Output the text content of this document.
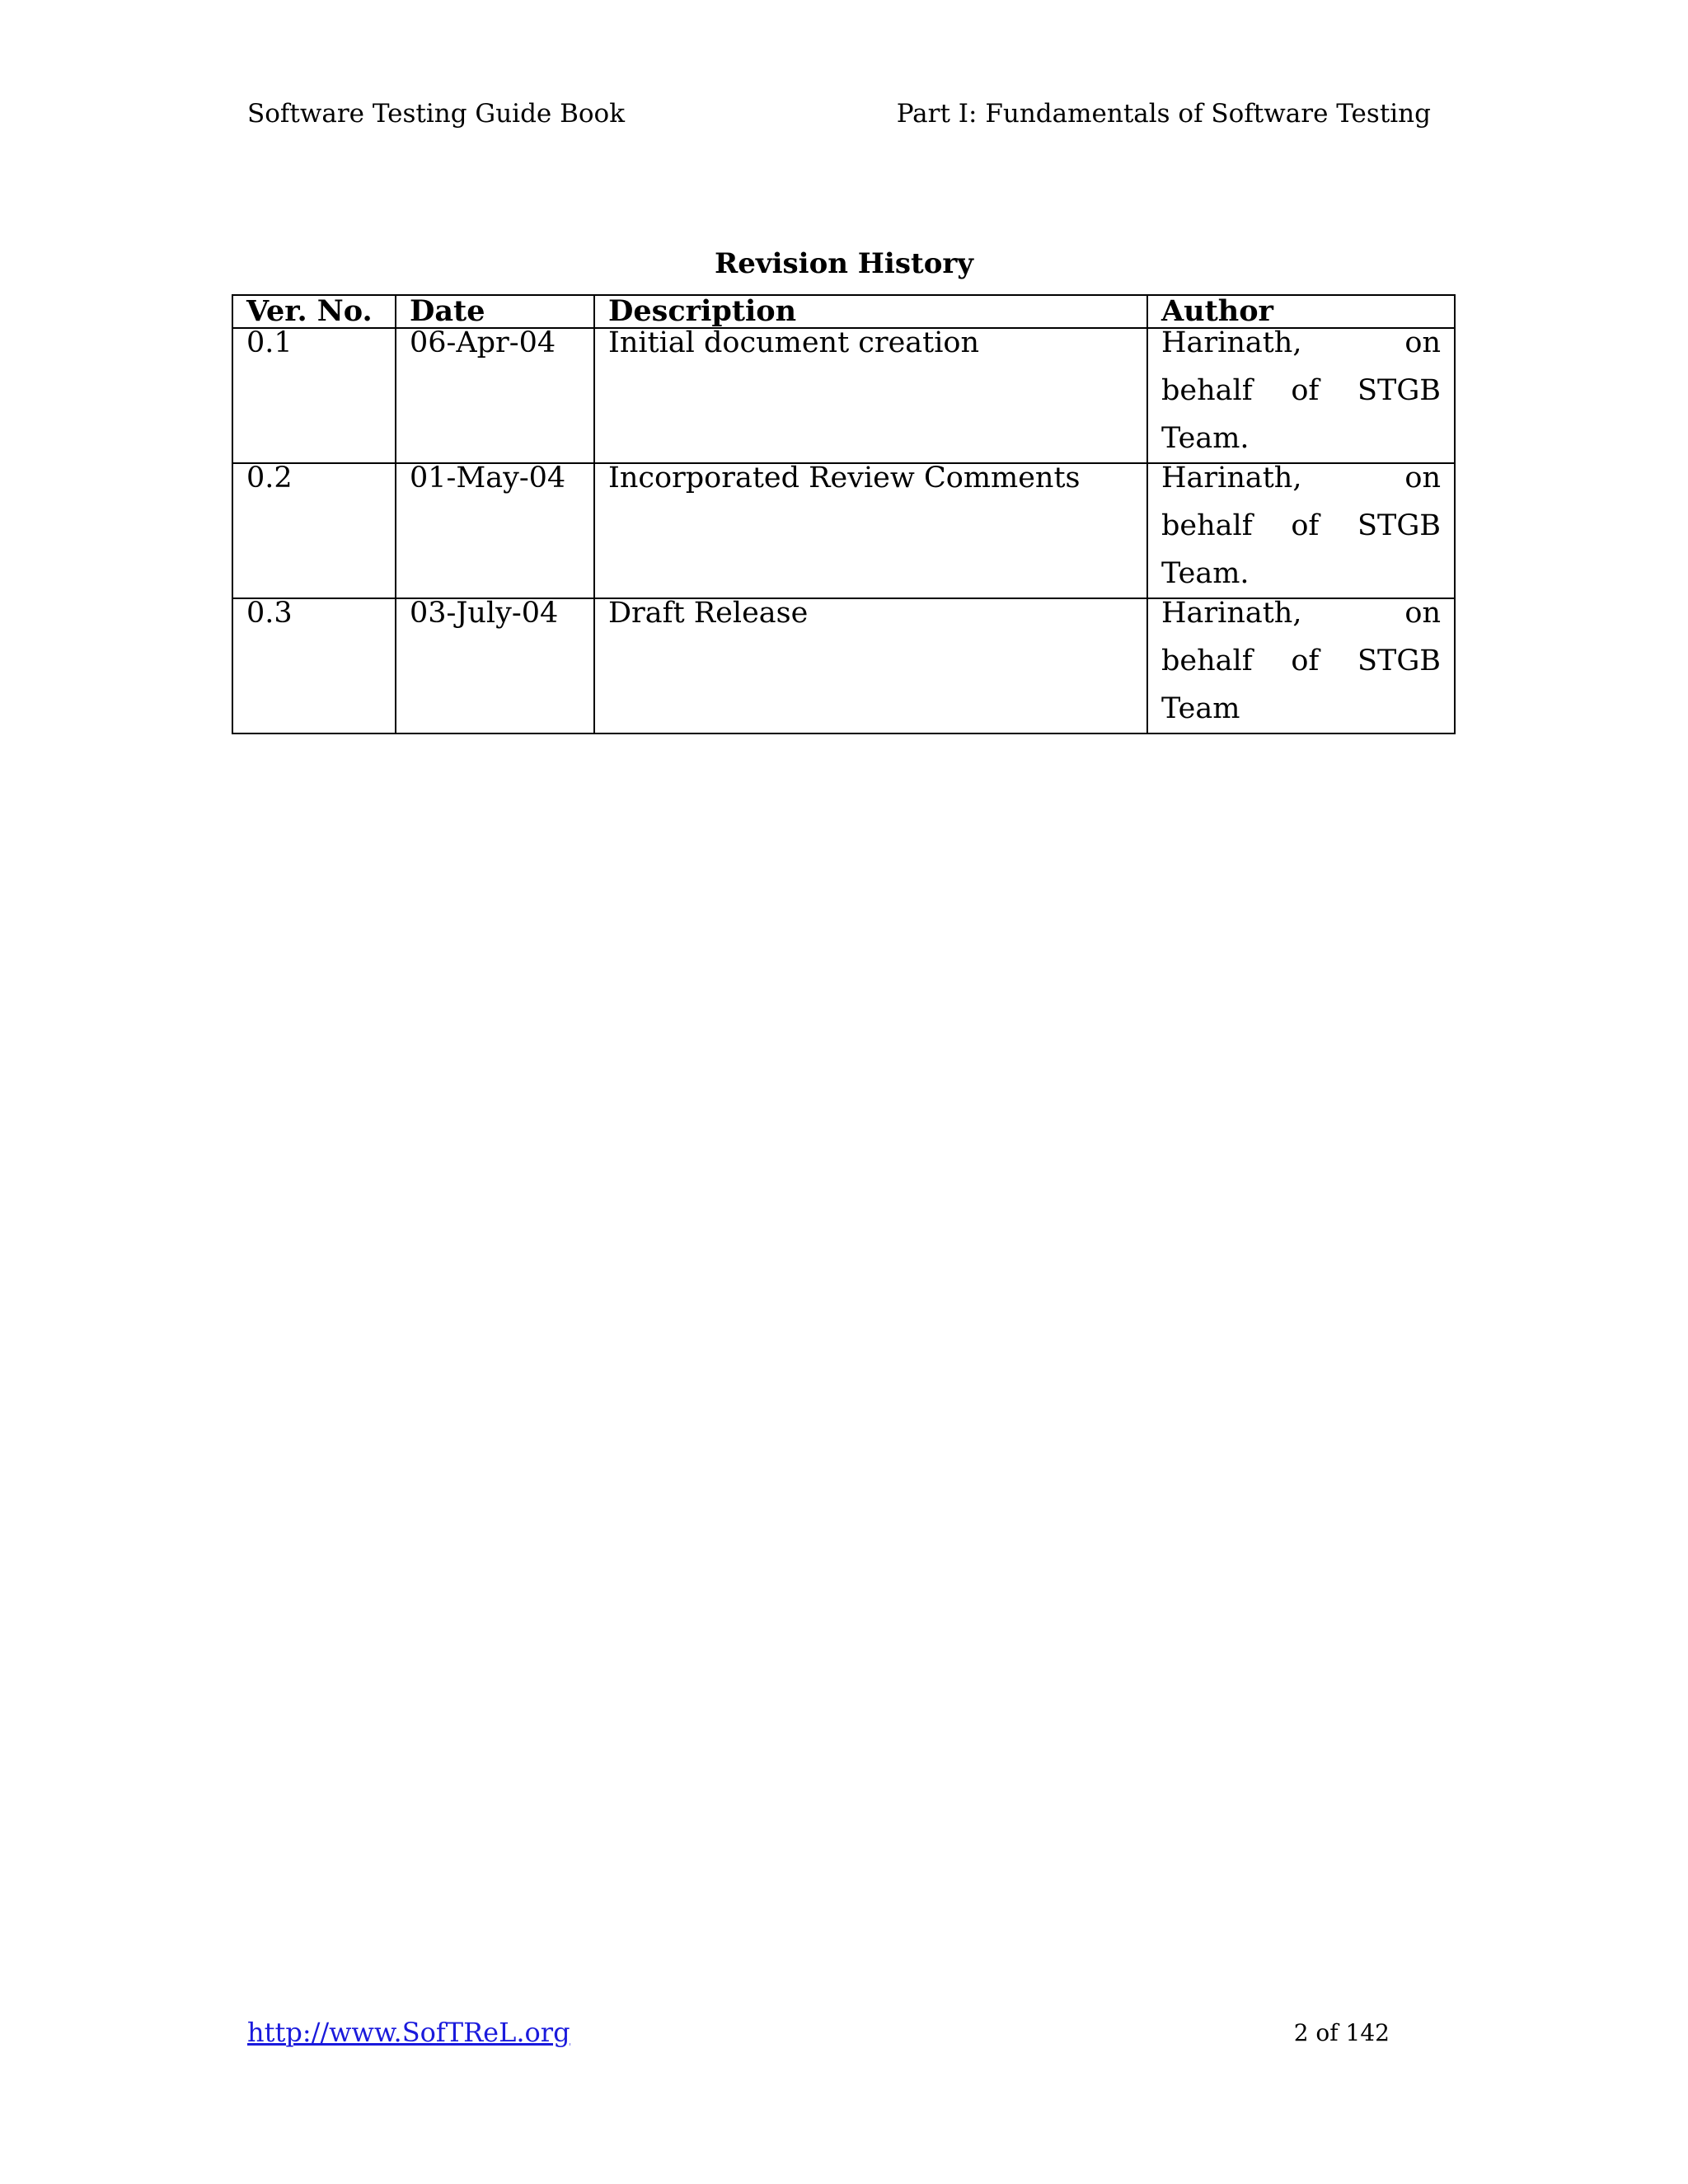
Software Testing Guide Book	Part I: Fundamentals of Software Testing
Revision History
Ver. No.	Date	Description	Author

0.1	06-Apr-04	Initial document creation	Harinath, on behalf of STGB Team.

0.2	01-May-04	Incorporated Review Comments	Harinath, on behalf of STGB Team.

0.3	03-July-04	Draft Release	Harinath, on behalf of STGB Team
http://www.SofTReL.org	2 of 142
